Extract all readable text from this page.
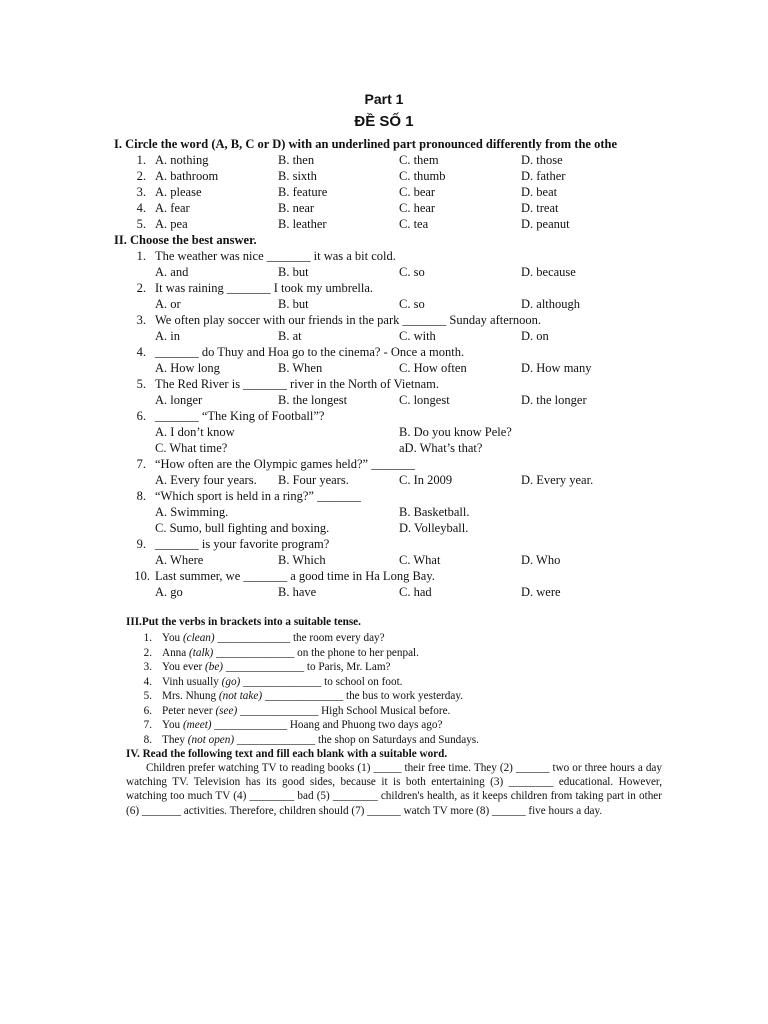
Part 1
ĐỀ SỐ 1
I. Circle the word (A, B, C or D) with an underlined part pronounced differently from the othe
1. A. nothing	B. then	C. them	D. those
2. A. bathroom	B. sixth	C. thumb	D. father
3. A. please	B. feature	C. bear	D. beat
4. A. fear	B. near	C. hear	D. treat
5. A. pea	B. leather	C. tea	D. peanut
II. Choose the best answer.
1. The weather was nice _______ it was a bit cold.
A. and	B. but	C. so	D. because
2. It was raining _______ I took my umbrella.
A. or	B. but	C. so	D. although
3. We often play soccer with our friends in the park _______ Sunday afternoon.
A. in	B. at	C. with	D. on
4. _______ do Thuy and Hoa go to the cinema? - Once a month.
A. How long	B. When	C. How often	D. How many
5. The Red River is _______ river in the North of Vietnam.
A. longer	B. the longest	C. longest	D. the longer
6. _______ “The King of Football”?
A. I don’t know	B. Do you know Pele?
C. What time?	aD. What’s that?
7. “How often are the Olympic games held?” _______
A. Every four years. B. Four years.	C. In 2009	D. Every year.
8. “Which sport is held in a ring?” _______
A. Swimming.	B. Basketball.
C. Sumo, bull fighting and boxing.	D. Volleyball.
9. _______ is your favorite program?
A. Where	B. Which	C. What	D. Who
10. Last summer, we _______ a good time in Ha Long Bay.
A. go	B. have	C. had	D. were
III.Put the verbs in brackets into a suitable tense.
1. You (clean) _____________ the room every day?
2. Anna (talk) ______________ on the phone to her penpal.
3. You ever (be) ______________ to Paris, Mr. Lam?
4. Vinh usually (go) ______________ to school on foot.
5. Mrs. Nhung (not take) ______________ the bus to work yesterday.
6. Peter never (see) ______________ High School Musical before.
7. You (meet) _____________ Hoang and Phuong two days ago?
8. They (not open) ______________ the shop on Saturdays and Sundays.
IV. Read the following text and fill each blank with a suitable word.
Children prefer watching TV to reading books (1) _____ their free time. They (2) ______ two or three hours a day watching TV. Television has its good sides, because it is both entertaining (3) ________ educational. However, watching too much TV (4) ________ bad (5) ________ children's health, as it keeps children from taking part in other (6) _______ activities. Therefore, children should (7) ______ watch TV more (8) ______ five hours a day.
